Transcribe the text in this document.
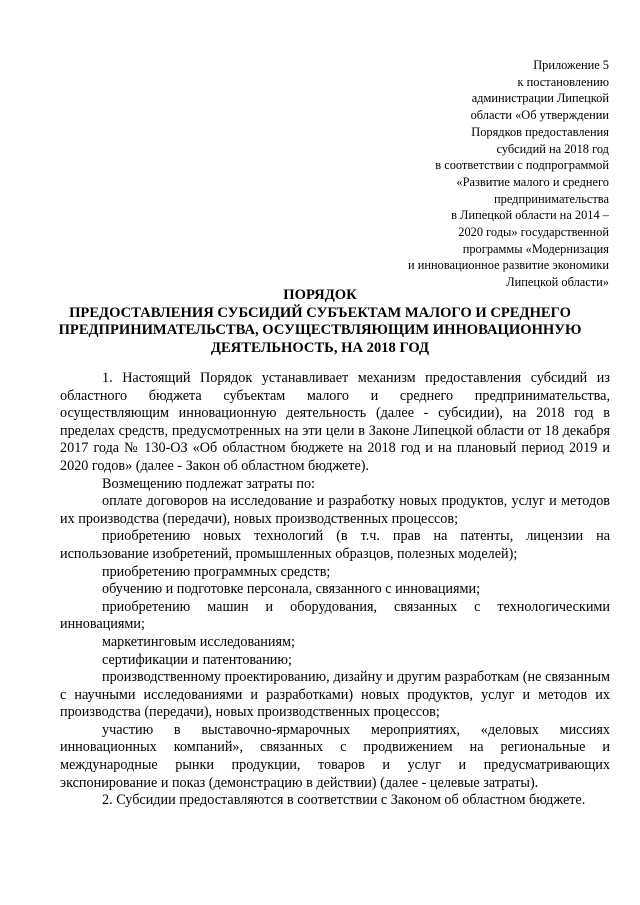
Приложение 5
к постановлению
администрации Липецкой
области «Об утверждении
Порядков предоставления
субсидий на 2018 год
в соответствии с подпрограммой
«Развитие малого и среднего
предпринимательства
в Липецкой области на 2014 –
2020 годы» государственной
программы «Модернизация
и инновационное развитие экономики
Липецкой области»
ПОРЯДОК
ПРЕДОСТАВЛЕНИЯ СУБСИДИЙ СУБЪЕКТАМ МАЛОГО И СРЕДНЕГО
ПРЕДПРИНИМАТЕЛЬСТВА, ОСУЩЕСТВЛЯЮЩИМ ИННОВАЦИОННУЮ
ДЕЯТЕЛЬНОСТЬ, НА 2018 ГОД

1. Настоящий Порядок устанавливает механизм предоставления субсидий из областного бюджета субъектам малого и среднего предпринимательства, осуществляющим инновационную деятельность (далее - субсидии), на 2018 год в пределах средств, предусмотренных на эти цели в Законе Липецкой области от 18 декабря 2017 года № 130-ОЗ «Об областном бюджете на 2018 год и на плановый период 2019 и 2020 годов» (далее - Закон об областном бюджете).

Возмещению подлежат затраты по:

оплате договоров на исследование и разработку новых продуктов, услуг и методов их производства (передачи), новых производственных процессов;

приобретению новых технологий (в т.ч. прав на патенты, лицензии на использование изобретений, промышленных образцов, полезных моделей);

приобретению программных средств;

обучению и подготовке персонала, связанного с инновациями;

приобретению машин и оборудования, связанных с технологическими инновациями;

маркетинговым исследованиям;

сертификации и патентованию;

производственному проектированию, дизайну и другим разработкам (не связанным с научными исследованиями и разработками) новых продуктов, услуг и методов их производства (передачи), новых производственных процессов;

участию в выставочно-ярмарочных мероприятиях, «деловых миссиях инновационных компаний», связанных с продвижением на региональные и международные рынки продукции, товаров и услуг и предусматривающих экспонирование и показ (демонстрацию в действии) (далее - целевые затраты).

2. Субсидии предоставляются в соответствии с Законом об областном бюджете.
